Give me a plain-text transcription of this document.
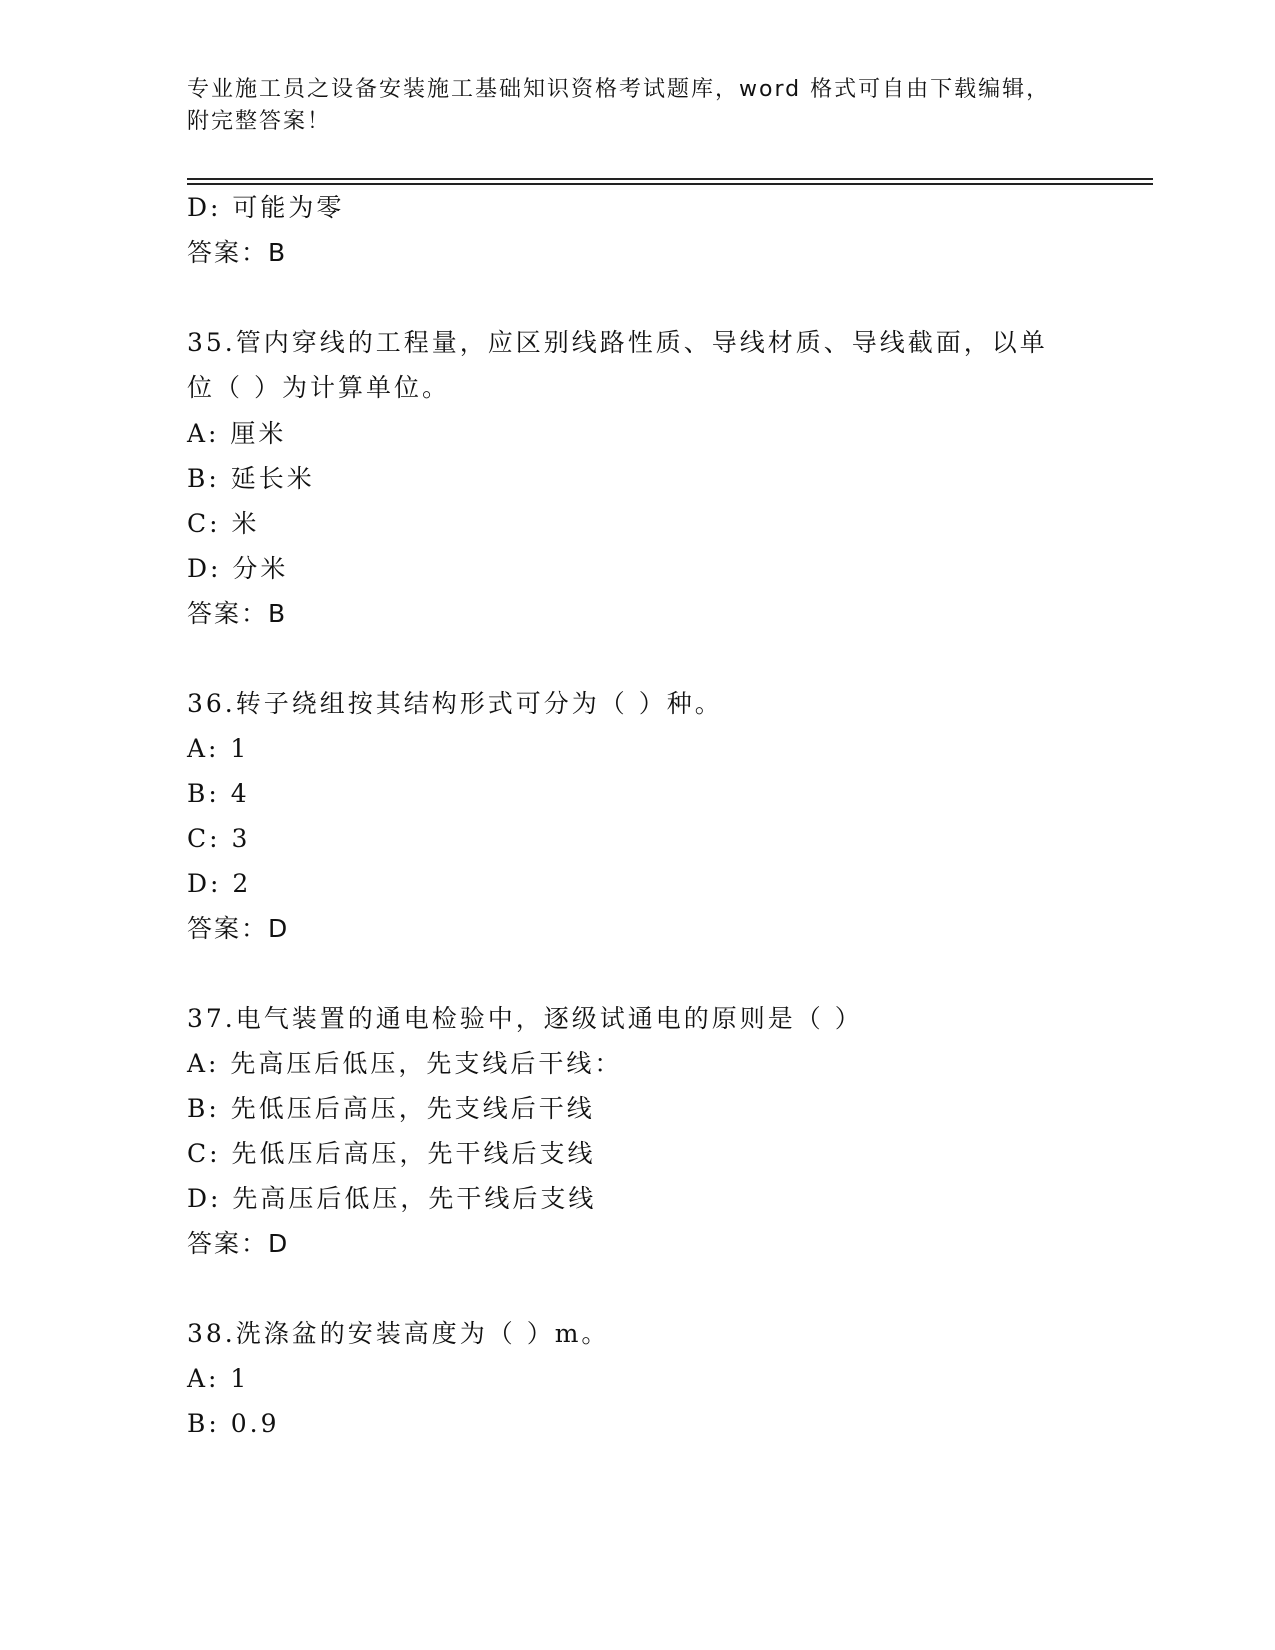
专业施工员之设备安装施工基础知识资格考试题库，word 格式可自由下载编辑，
附完整答案！
D: 可能为零
答案：B
35.管内穿线的工程量，应区别线路性质、导线材质、导线截面，以单
位（ ）为计算单位。
A: 厘米
B: 延长米
C: 米
D: 分米
答案：B
36.转子绕组按其结构形式可分为（ ）种。
A: 1
B: 4
C: 3
D: 2
答案：D
37.电气装置的通电检验中，逐级试通电的原则是（ ）
A: 先高压后低压，先支线后干线：
B: 先低压后高压，先支线后干线
C: 先低压后高压，先干线后支线
D: 先高压后低压，先干线后支线
答案：D
38.洗涤盆的安装高度为（ ）m。
A: 1
B: 0.9
